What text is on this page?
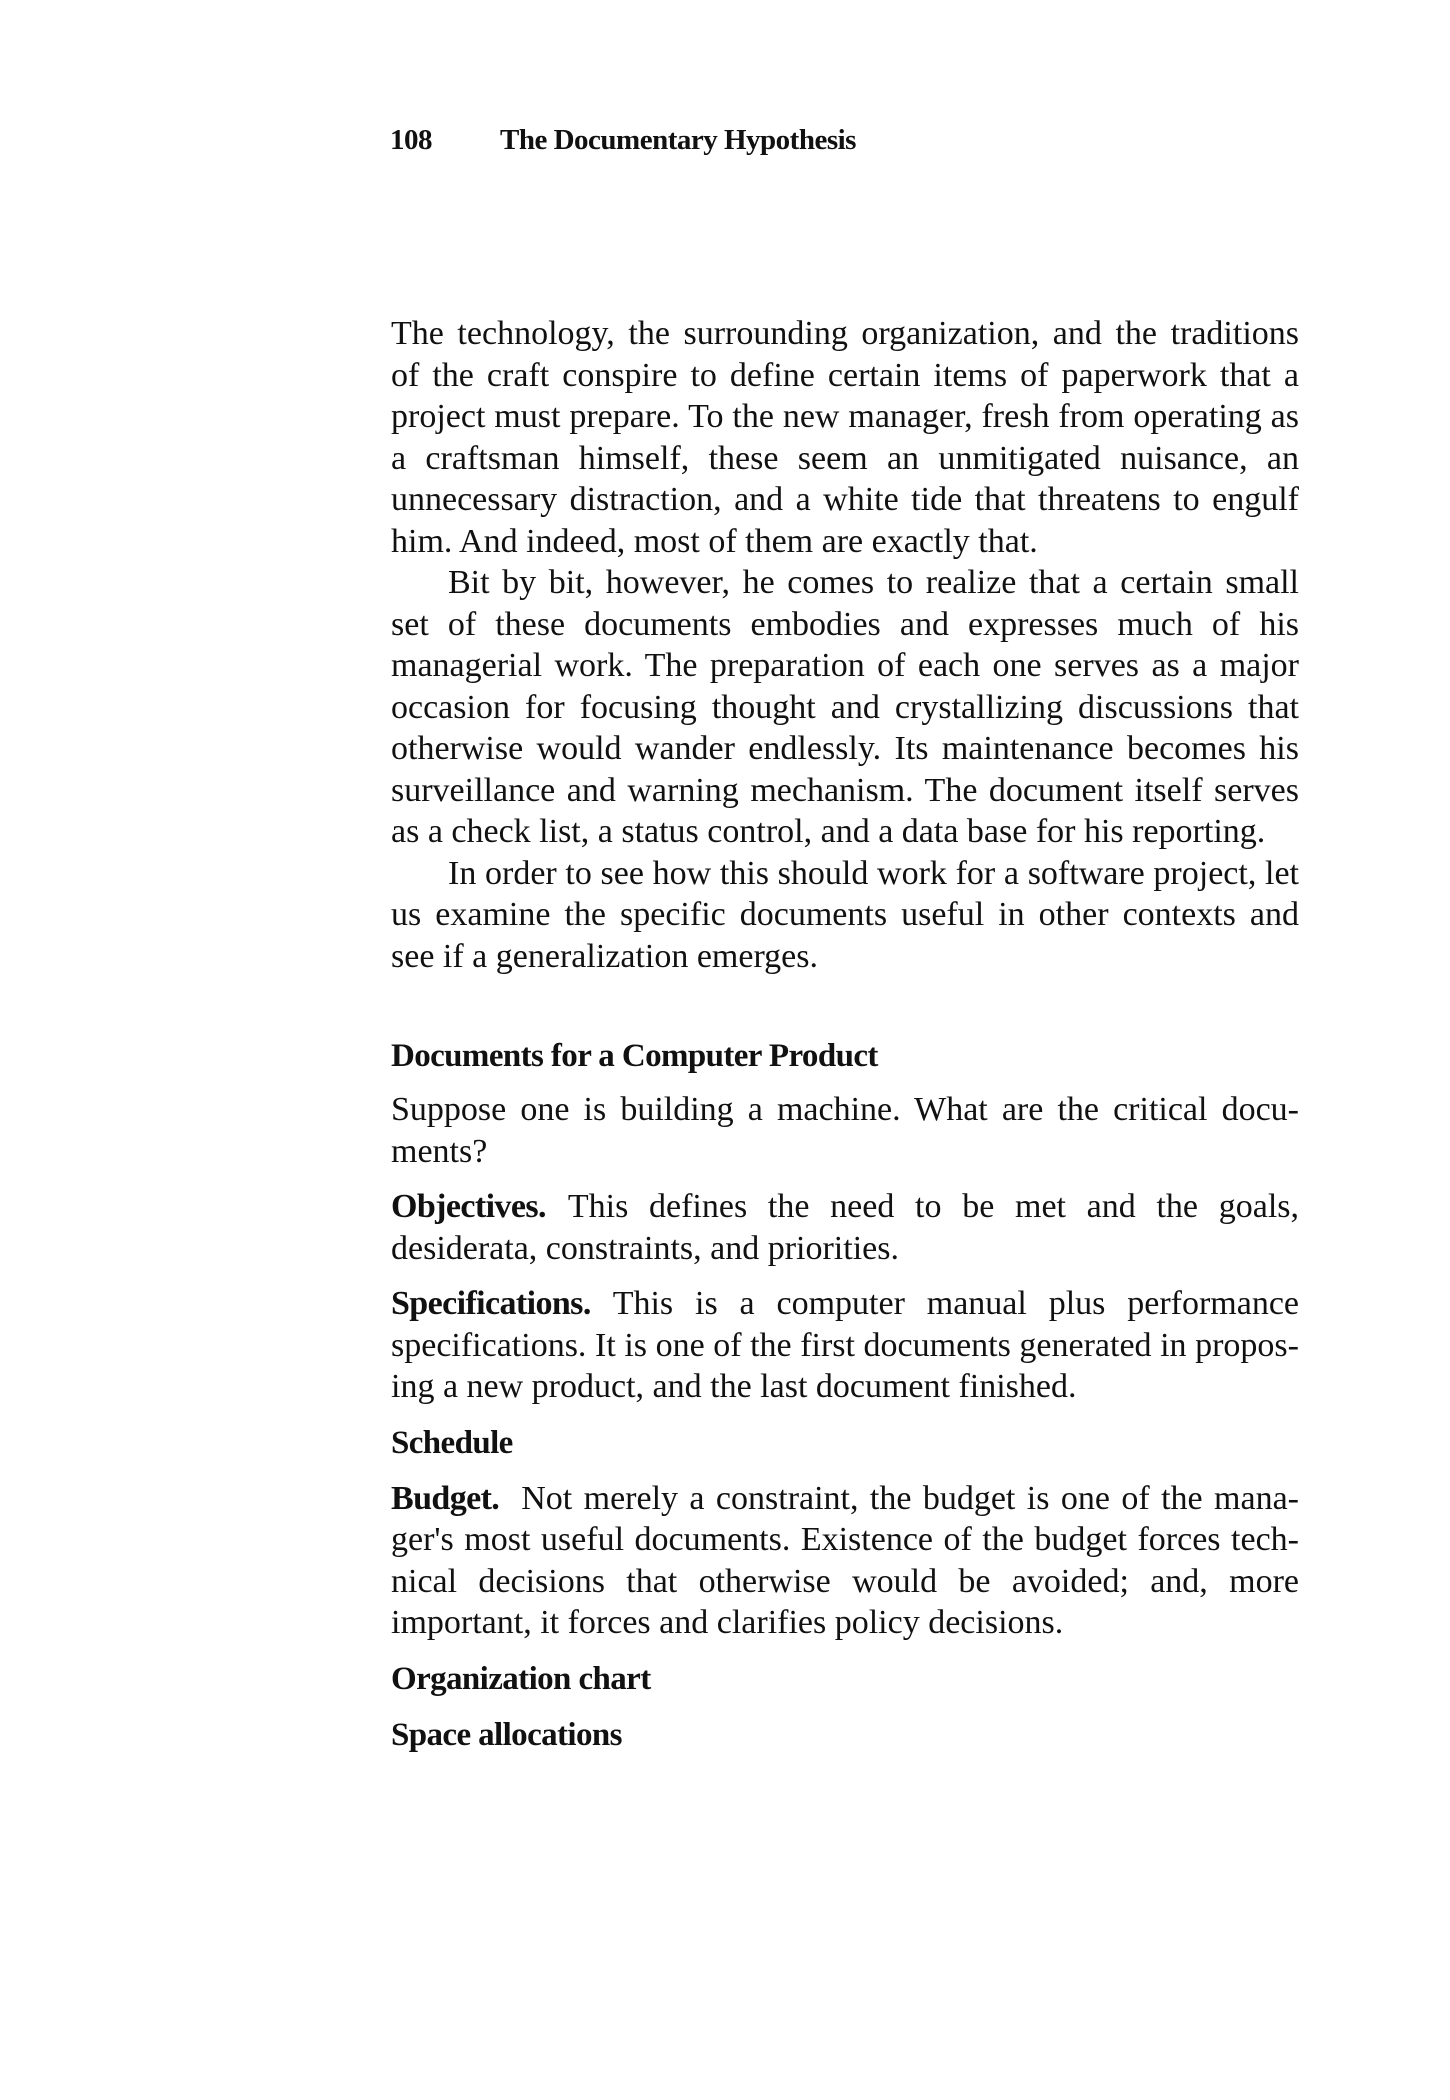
108 The Documentary Hypothesis

The technology, the surrounding organization, and the traditions of the craft conspire to define certain items of paperwork that a project must prepare. To the new manager, fresh from operating as a craftsman himself, these seem an unmitigated nuisance, an unnecessary distraction, and a white tide that threatens to engulf him. And indeed, most of them are exactly that.

Bit by bit, however, he comes to realize that a certain small set of these documents embodies and expresses much of his managerial work. The preparation of each one serves as a major occasion for focusing thought and crystallizing discussions that otherwise would wander endlessly. Its maintenance becomes his surveillance and warning mechanism. The document itself serves as a check list, a status control, and a data base for his reporting.

In order to see how this should work for a software project, let us examine the specific documents useful in other contexts and see if a generalization emerges.

Documents for a Computer Product

Suppose one is building a machine. What are the critical documents?

Objectives. This defines the need to be met and the goals, desiderata, constraints, and priorities.

Specifications. This is a computer manual plus performance specifications. It is one of the first documents generated in proposing a new product, and the last document finished.

Schedule

Budget. Not merely a constraint, the budget is one of the manager's most useful documents. Existence of the budget forces technical decisions that otherwise would be avoided; and, more important, it forces and clarifies policy decisions.

Organization chart
Space allocations
